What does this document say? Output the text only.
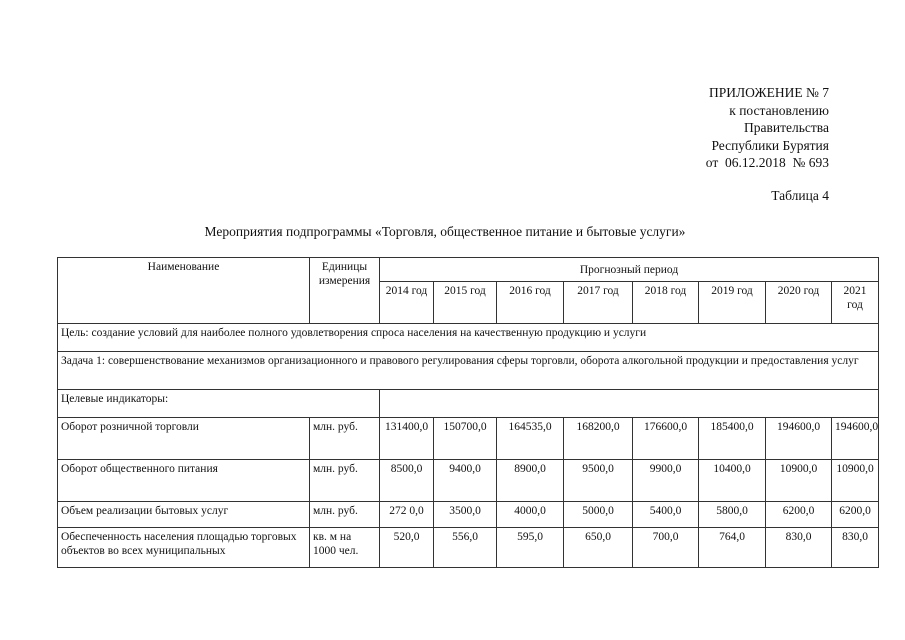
ПРИЛОЖЕНИЕ № 7
к постановлению
Правительства
Республики Бурятия
от  06.12.2018  № 693
Таблица 4
Мероприятия подпрограммы «Торговля, общественное питание и бытовые услуги»
Наименование	Единицы измерения	Прогнозный период							
		2014 год	2015 год	2016 год	2017 год	2018 год	2019 год	2020 год	2021 год
Цель: создание условий для наиболее полного удовлетворения спроса населения на качественную продукцию и услуги									
Задача 1: совершенствование механизмов организационного и правового регулирования сферы торговли, оборота алкогольной продукции и предоставления услуг									
Целевые индикаторы:									
Оборот розничной торговли	млн. руб.	131400,0	150700,0	164535,0	168200,0	176600,0	185400,0	194600,0	194600,0
Оборот общественного питания	млн. руб.	8500,0	9400,0	8900,0	9500,0	9900,0	10400,0	10900,0	10900,0
Объем реализации бытовых услуг	млн. руб.	272 0,0	3500,0	4000,0	5000,0	5400,0	5800,0	6200,0	6200,0
Обеспеченность населения площадью торговых объектов во всех муниципальных	кв. м на 1000 чел.	520,0	556,0	595,0	650,0	700,0	764,0	830,0	830,0
